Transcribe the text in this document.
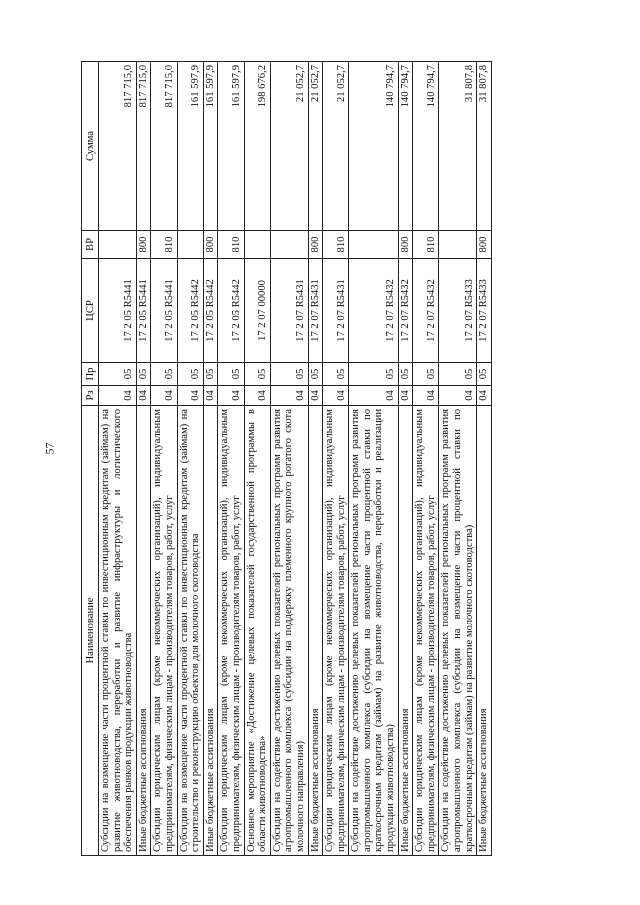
57
Наименование	Рз	Пр	ЦСР	ВР	Сумма
Субсидии на возмещение части процентной ставки по инвестиционным кредитам (займам) на развитие животноводства, переработки и развитие инфраструктуры и логистического обеспечения рынков продукции животноводства	04	05	17 2 05 R5441		817 715,0
Иные бюджетные ассигнования	04	05	17 2 05 R5441	800	817 715,0
Субсидии юридическим лицам (кроме некоммерческих организаций), индивидуальным предпринимателям, физическим лицам - производителям товаров, работ, услуг	04	05	17 2 05 R5441	810	817 715,0
Субсидии на возмещение части процентной ставки по инвестиционным кредитам (займам) на строительство и реконструкцию объектов для молочного скотоводства	04	05	17 2 05 R5442		161 597,9
Иные бюджетные ассигнования	04	05	17 2 05 R5442	800	161 597,9
Субсидии юридическим лицам (кроме некоммерческих организаций), индивидуальным предпринимателям, физическим лицам - производителям товаров, работ, услуг	04	05	17 2 05 R5442	810	161 597,9
Основное мероприятие «Достижение целевых показателей государственной программы в области животноводства»	04	05	17 2 07 00000		198 676,2
Субсидии на содействие достижению целевых показателей региональных программ развития агропромышленного комплекса (субсидии на поддержку племенного крупного рогатого скота молочного направления)	04	05	17 2 07 R5431		21 052,7
Иные бюджетные ассигнования	04	05	17 2 07 R5431	800	21 052,7
Субсидии юридическим лицам (кроме некоммерческих организаций), индивидуальным предпринимателям, физическим лицам - производителям товаров, работ, услуг	04	05	17 2 07 R5431	810	21 052,7
Субсидии на содействие достижению целевых показателей региональных программ развития агропромышленного комплекса (субсидии на возмещение части процентной ставки по краткосрочным кредитам (займам) на развитие животноводства, переработки и реализации продукции животноводства)	04	05	17 2 07 R5432		140 794,7
Иные бюджетные ассигнования	04	05	17 2 07 R5432	800	140 794,7
Субсидии юридическим лицам (кроме некоммерческих организаций), индивидуальным предпринимателям, физическим лицам - производителям товаров, работ, услуг	04	05	17 2 07 R5432	810	140 794,7
Субсидии на содействие достижению целевых показателей региональных программ развития агропромышленного комплекса (субсидии на возмещение части процентной ставки по краткосрочным кредитам (займам) на развитие молочного скотоводства)	04	05	17 2 07 R5433		31 807,8
Иные бюджетные ассигнования	04	05	17 2 07 R5433	800	31 807,8
